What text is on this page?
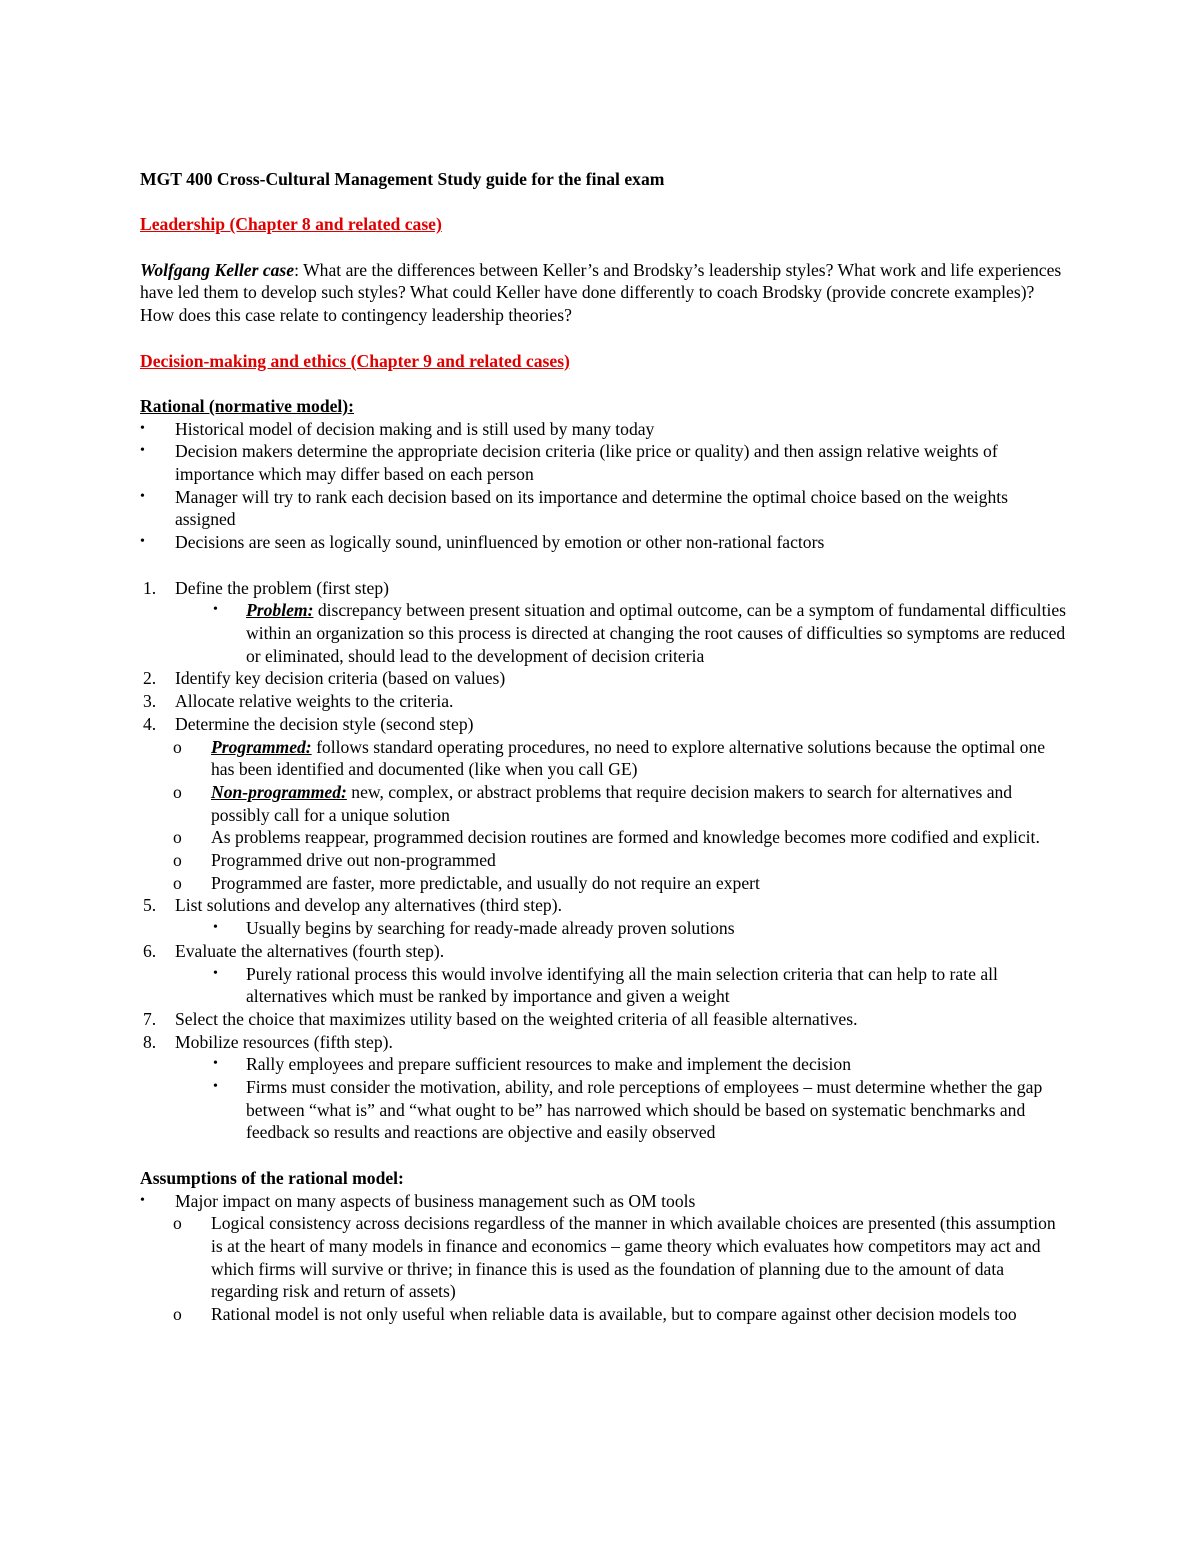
MGT 400 Cross-Cultural Management Study guide for the final exam

Leadership (Chapter 8 and related case)

Wolfgang Keller case: What are the differences between Keller’s and Brodsky’s leadership styles? What work and life experiences have led them to develop such styles? What could Keller have done differently to coach Brodsky (provide concrete examples)? How does this case relate to contingency leadership theories?

Decision-making and ethics (Chapter 9 and related cases)

Rational (normative model):

• Historical model of decision making and is still used by many today
• Decision makers determine the appropriate decision criteria (like price or quality) and then assign relative weights of importance which may differ based on each person
• Manager will try to rank each decision based on its importance and determine the optimal choice based on the weights assigned
• Decisions are seen as logically sound, uninfluenced by emotion or other non-rational factors
1. Define the problem (first step)
• Problem: discrepancy between present situation and optimal outcome, can be a symptom of fundamental difficulties within an organization so this process is directed at changing the root causes of difficulties so symptoms are reduced or eliminated, should lead to the development of decision criteria
2. Identify key decision criteria (based on values)
3. Allocate relative weights to the criteria.
4. Determine the decision style (second step)
o Programmed: follows standard operating procedures, no need to explore alternative solutions because the optimal one has been identified and documented (like when you call GE)
o Non-programmed: new, complex, or abstract problems that require decision makers to search for alternatives and possibly call for a unique solution
o As problems reappear, programmed decision routines are formed and knowledge becomes more codified and explicit.
o Programmed drive out non-programmed
o Programmed are faster, more predictable, and usually do not require an expert
5. List solutions and develop any alternatives (third step).
• Usually begins by searching for ready-made already proven solutions
6. Evaluate the alternatives (fourth step).
• Purely rational process this would involve identifying all the main selection criteria that can help to rate all alternatives which must be ranked by importance and given a weight
7. Select the choice that maximizes utility based on the weighted criteria of all feasible alternatives.
8. Mobilize resources (fifth step).
• Rally employees and prepare sufficient resources to make and implement the decision
• Firms must consider the motivation, ability, and role perceptions of employees – must determine whether the gap between “what is” and “what ought to be” has narrowed which should be based on systematic benchmarks and feedback so results and reactions are objective and easily observed

Assumptions of the rational model:

• Major impact on many aspects of business management such as OM tools
o Logical consistency across decisions regardless of the manner in which available choices are presented (this assumption is at the heart of many models in finance and economics – game theory which evaluates how competitors may act and which firms will survive or thrive; in finance this is used as the foundation of planning due to the amount of data regarding risk and return of assets)
o Rational model is not only useful when reliable data is available, but to compare against other decision models too
